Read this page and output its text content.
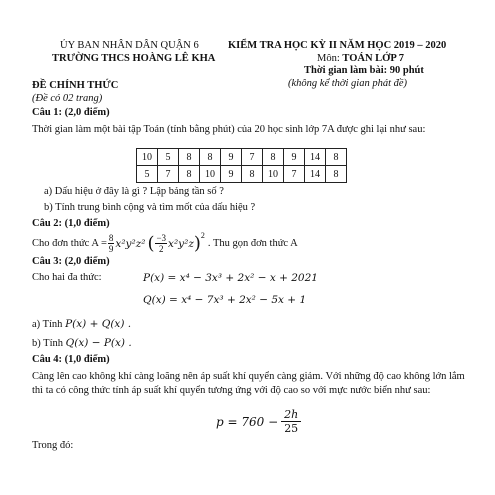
ỦY BAN NHÂN DÂN QUẬN 6
TRƯỜNG THCS HOÀNG LÊ KHA
KIỂM TRA HỌC KỲ II NĂM HỌC 2019 – 2020
Môn: TOÁN LỚP 7
Thời gian làm bài: 90 phút
(không kể thời gian phát đề)
ĐỀ CHÍNH THỨC
(Đề có 02 trang)
Câu 1: (2,0 điểm)
Thời gian làm một bài tập Toán (tính bằng phút) của 20 học sinh lớp 7A được ghi lại như sau:
10	5	8	8	9	7	8	9	14	8
5	7	8	10	9	8	10	7	14	8
a) Dấu hiệu ở đây là gì ? Lập bảng tần số ?
b) Tính trung bình cộng và tìm mốt của dấu hiệu ?
Câu 2: (1,0 điểm)
Cho đơn thức $A = \frac{8}{9} x^2y^2z^2$ ( $\frac{-3}{2} x^2y^2z$ ) 2
. Thu gọn đơn thức A
Câu 3: (2,0 điểm)
Cho hai đa thức:	P(x) = x⁴ − 3x³ + 2x² − x + 2021
Q(x) = x⁴ − 7x³ + 2x² − 5x + 1
a) Tính P(x) + Q(x) .
b) Tính Q(x) − P(x) .
Câu 4: (1,0 điểm)
Càng lên cao không khí càng loãng nên áp suất khí quyển càng giảm. Với những độ cao không lớn lắm thì ta có công thức tính áp suất khí quyển tương ứng với độ cao so với mực nước biển như sau:
$p = 760 - \frac{2h}{25}$
Trong đó:
